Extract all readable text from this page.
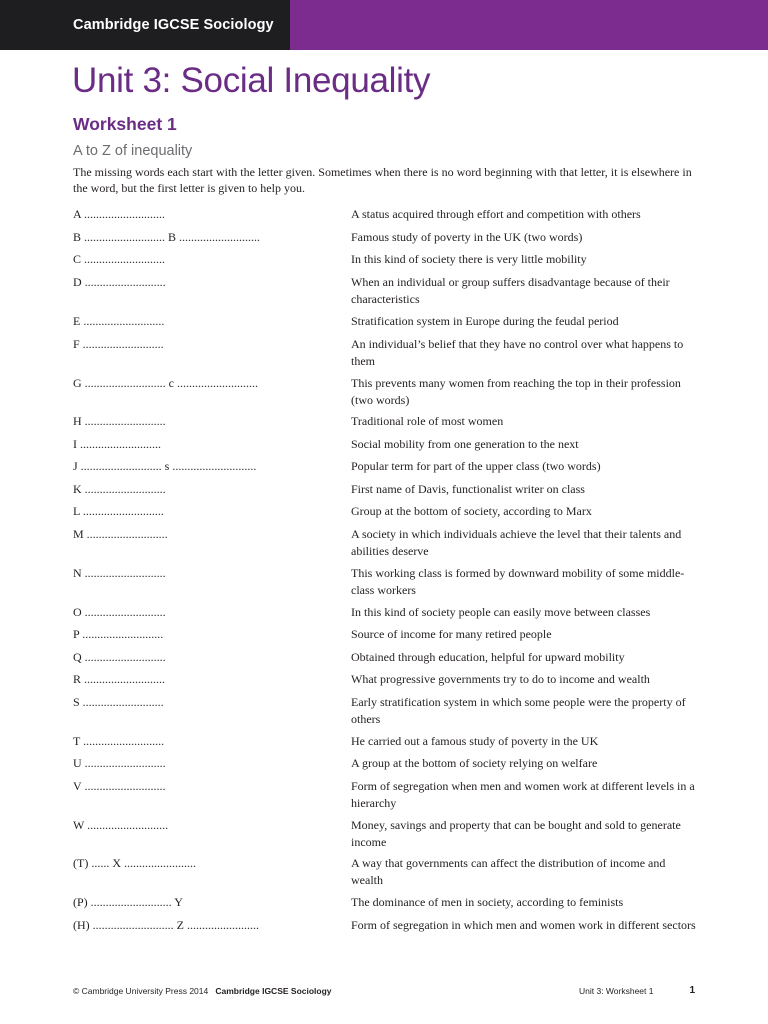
Cambridge IGCSE Sociology
Unit 3: Social Inequality
Worksheet 1
A to Z of inequality

The missing words each start with the letter given. Sometimes when there is no word beginning with that letter, it is elsewhere in the word, but the first letter is given to help you.

A ...........................	A status acquired through effort and competition with others
B ........................... B ...........................	Famous study of poverty in the UK (two words)
C ...........................	In this kind of society there is very little mobility
D ...........................	When an individual or group suffers disadvantage because of their characteristics
E ...........................	Stratification system in Europe during the feudal period
F ...........................	An individual’s belief that they have no control over what happens to them
G ........................... c ...........................	This prevents many women from reaching the top in their profession (two words)
H ...........................	Traditional role of most women
I ...........................	Social mobility from one generation to the next
J ........................... s ............................	Popular term for part of the upper class (two words)
K ...........................	First name of Davis, functionalist writer on class
L ...........................	Group at the bottom of society, according to Marx
M ...........................	A society in which individuals achieve the level that their talents and abilities deserve
N ...........................	This working class is formed by downward mobility of some middle-class workers
O ...........................	In this kind of society people can easily move between classes
P ...........................	Source of income for many retired people
Q ...........................	Obtained through education, helpful for upward mobility
R ...........................	What progressive governments try to do to income and wealth
S ...........................	Early stratification system in which some people were the property of others
T ...........................	He carried out a famous study of poverty in the UK
U ...........................	A group at the bottom of society relying on welfare
V ...........................	Form of segregation when men and women work at different levels in a hierarchy
W ...........................	Money, savings and property that can be bought and sold to generate income
(T) ...... X ........................	A way that governments can affect the distribution of income and wealth
(P) ........................... Y	The dominance of men in society, according to feminists
(H) ........................... Z ........................	Form of segregation in which men and women work in different sectors
© Cambridge University Press 2014 Cambridge IGCSE Sociology	Unit 3: Worksheet 1	1
